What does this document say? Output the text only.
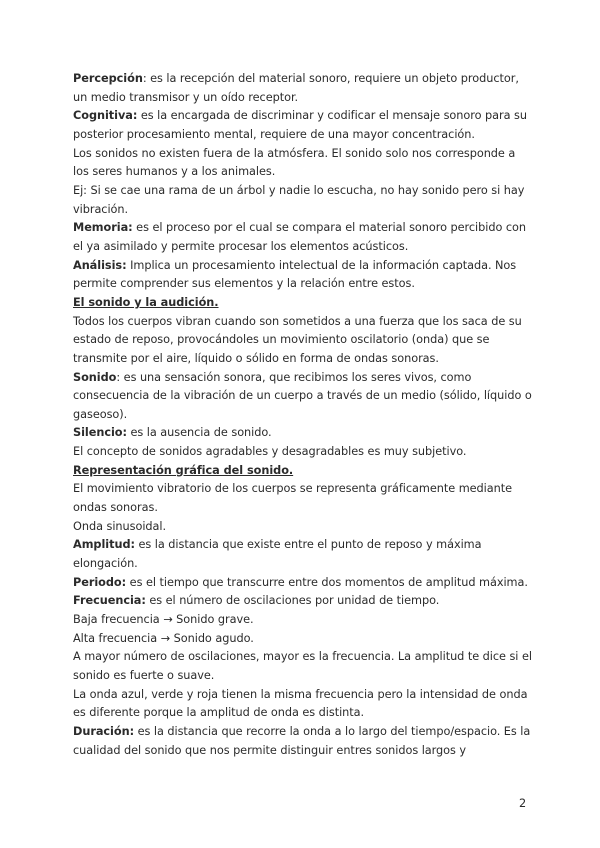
Percepción: es la recepción del material sonoro, requiere un objeto productor, un medio transmisor y un oído receptor.

Cognitiva: es la encargada de discriminar y codificar el mensaje sonoro para su posterior procesamiento mental, requiere de una mayor concentración.

Los sonidos no existen fuera de la atmósfera. El sonido solo nos corresponde a los seres humanos y a los animales.

Ej: Si se cae una rama de un árbol y nadie lo escucha, no hay sonido pero si hay vibración.

Memoria: es el proceso por el cual se compara el material sonoro percibido con el ya asimilado y permite procesar los elementos acústicos.

Análisis: Implica un procesamiento intelectual de la información captada. Nos permite comprender sus elementos y la relación entre estos.

El sonido y la audición.

Todos los cuerpos vibran cuando son sometidos a una fuerza que los saca de su estado de reposo, provocándoles un movimiento oscilatorio (onda) que se transmite por el aire, líquido o sólido en forma de ondas sonoras.

Sonido: es una sensación sonora, que recibimos los seres vivos, como consecuencia de la vibración de un cuerpo a través de un medio (sólido, líquido o gaseoso).

Silencio: es la ausencia de sonido.

El concepto de sonidos agradables y desagradables es muy subjetivo.

Representación gráfica del sonido.

El movimiento vibratorio de los cuerpos se representa gráficamente mediante ondas sonoras.

Onda sinusoidal.

Amplitud: es la distancia que existe entre el punto de reposo y máxima elongación.

Periodo: es el tiempo que transcurre entre dos momentos de amplitud máxima.

Frecuencia: es el número de oscilaciones por unidad de tiempo.

Baja frecuencia → Sonido grave.

Alta frecuencia → Sonido agudo.

A mayor número de oscilaciones, mayor es la frecuencia. La amplitud te dice si el sonido es fuerte o suave.

La onda azul, verde y roja tienen la misma frecuencia pero la intensidad de onda es diferente porque la amplitud de onda es distinta.

Duración: es la distancia que recorre la onda a lo largo del tiempo/espacio. Es la cualidad del sonido que nos permite distinguir entres sonidos largos y

2
